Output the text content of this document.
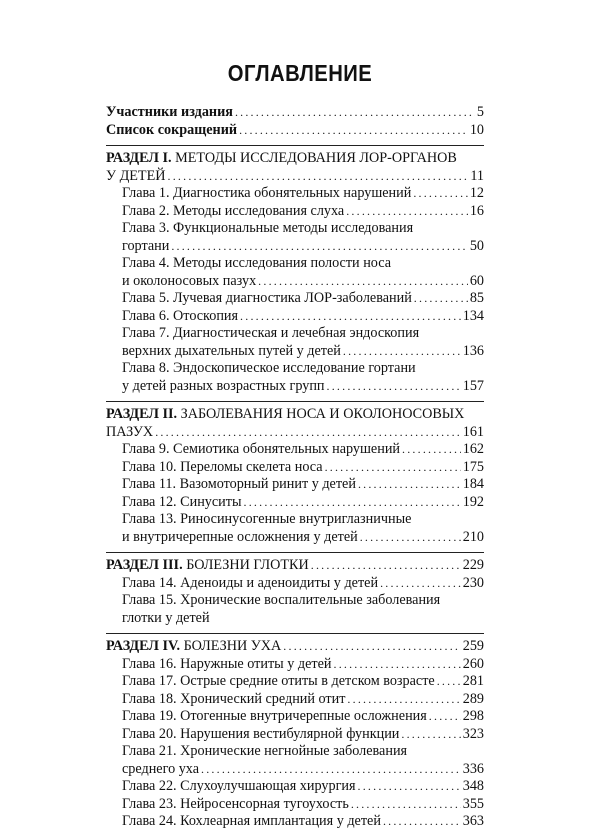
ОГЛАВЛЕНИЕ
Участники издания .....	5
Список сокращений .....	10
РАЗДЕЛ I. МЕТОДЫ ИССЛЕДОВАНИЯ ЛОР-ОРГАНОВ
У ДЕТЕЙ .....	11
Глава 1. Диагностика обонятельных нарушений .....	12
Глава 2. Методы исследования слуха .....	16
Глава 3. Функциональные методы исследования
гортани .....	50
Глава 4. Методы исследования полости носа
и околоносовых пазух .....	60
Глава 5. Лучевая диагностика ЛОР-заболеваний .....	85
Глава 6. Отоскопия .....	134
Глава 7. Диагностическая и лечебная эндоскопия
верхних дыхательных путей у детей .....	136
Глава 8. Эндоскопическое исследование гортани
у детей разных возрастных групп .....	157
РАЗДЕЛ II. ЗАБОЛЕВАНИЯ НОСА И ОКОЛОНОСОВЫХ
ПАЗУХ .....	161
Глава 9. Семиотика обонятельных нарушений .....	162
Глава 10. Переломы скелета носа .....	175
Глава 11. Вазомоторный ринит у детей .....	184
Глава 12. Синуситы .....	192
Глава 13. Риносинусогенные внутриглазничные
и внутричерепные осложнения у детей .....	210
РАЗДЕЛ III. БОЛЕЗНИ ГЛОТКИ .....	229
Глава 14. Аденоиды и аденоидиты у детей .....	230
Глава 15. Хронические воспалительные заболевания
глотки у детей
РАЗДЕЛ IV. БОЛЕЗНИ УХА .....	259
Глава 16. Наружные отиты у детей .....	260
Глава 17. Острые средние отиты в детском возрасте ..... 281
Глава 18. Хронический средний отит .....	289
Глава 19. Отогенные внутричерепные осложнения .....	298
Глава 20. Нарушения вестибулярной функции .....	323
Глава 21. Хронические негнойные заболевания
среднего уха .....	336
Глава 22. Слухоулучшающая хирургия .....	348
Глава 23. Нейросенсорная тугоухость .....	355
Глава 24. Кохлеарная имплантация у детей .....	363
